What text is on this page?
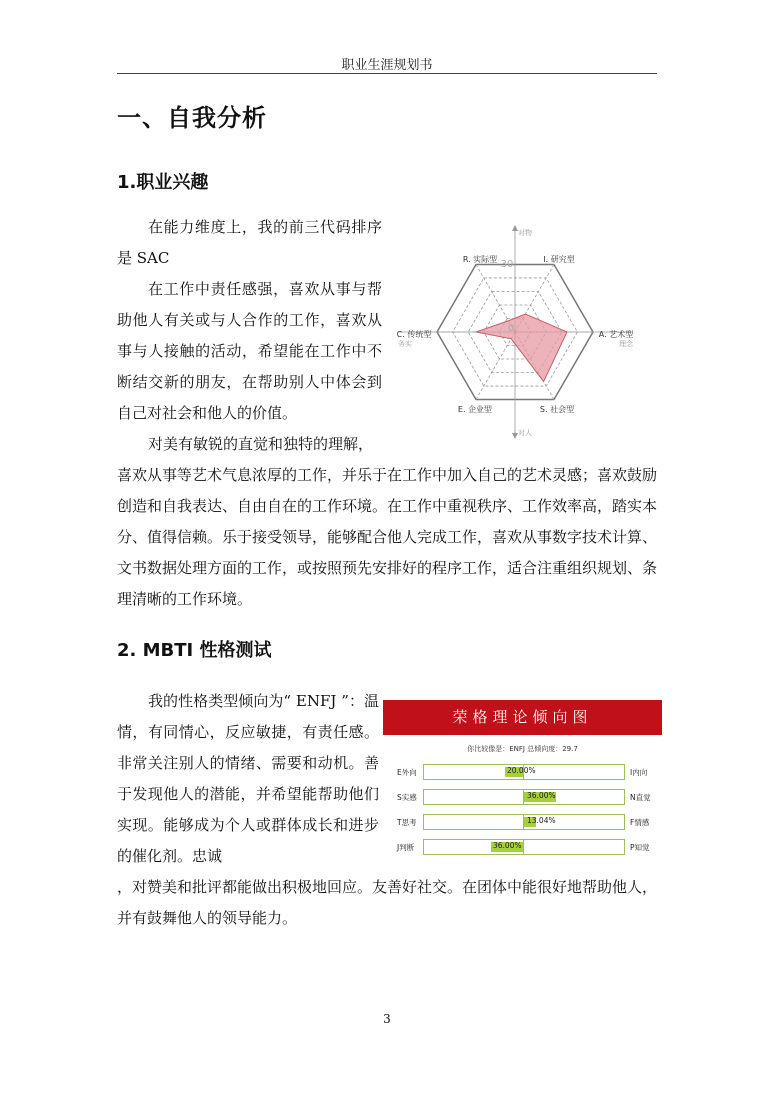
职业生涯规划书
一、自我分析
1.职业兴趣
在能力维度上，我的前三代码排序是 SAC
在工作中责任感强，喜欢从事与帮助他人有关或与人合作的工作，喜欢从事与人接触的活动，希望能在工作中不断结交新的朋友，在帮助别人中体会到自己对社会和他人的价值。
对美有敏锐的直觉和独特的理解，
喜欢从事等艺术气息浓厚的工作，并乐于在工作中加入自己的艺术灵感；喜欢鼓励创造和自我表达、自由自在的工作环境。在工作中重视秩序、工作效率高，踏实本分、值得信赖。乐于接受领导，能够配合他人完成工作，喜欢从事数字技术计算、文书数据处理方面的工作，或按照预先安排好的程序工作，适合注重组织规划、条理清晰的工作环境。
R. 实际型	I. 研究型
A. 艺术型
S. 社会型
E. 企业型
C. 传统型
对物
对人
务实	理念
30
0
2. MBTI 性格测试
我的性格类型倾向为“ ENFJ ”：温情，有同情心，反应敏捷，有责任感。非常关注别人的情绪、需要和动机。善于发现他人的潜能，并希望能帮助他们实现。能够成为个人或群体成长和进步的催化剂。忠诚
，对赞美和批评都能做出积极地回应。友善好社交。在团体中能很好地帮助他人，并有鼓舞他人的领导能力。
荣格理论倾向图
你比较像是：ENFJ 总倾向度：29.7
E外向	20.00%	I内向
S实感	36.00%	N直觉
T思考	13.04%	F情感
J判断	36.00%	P知觉
3
